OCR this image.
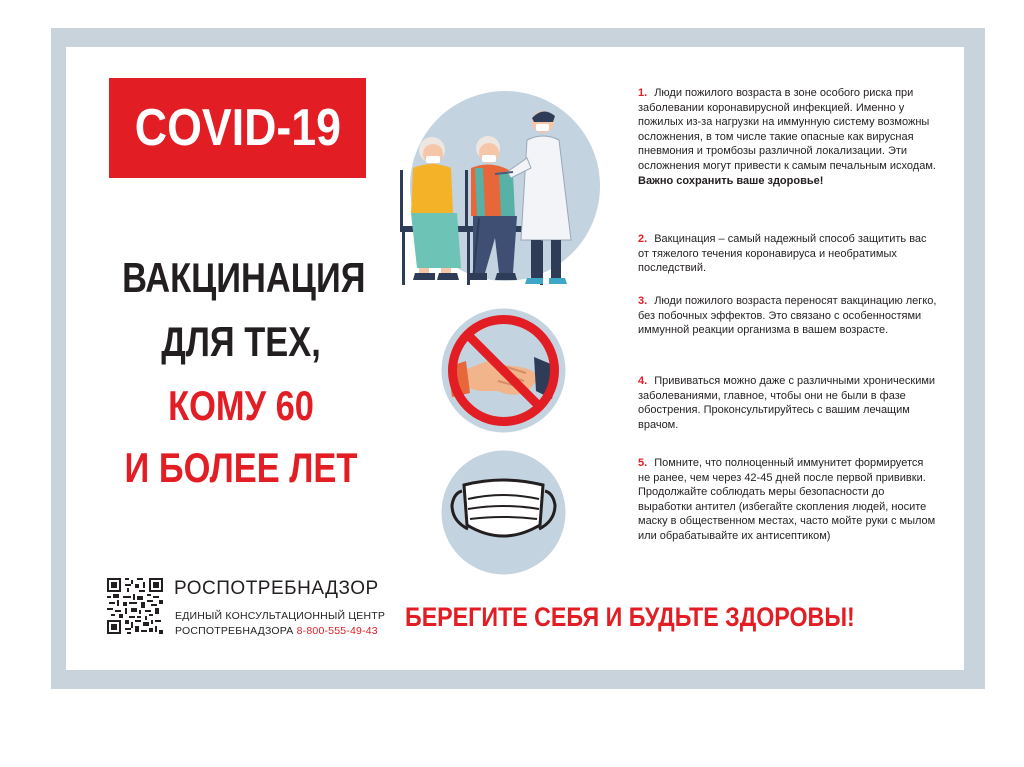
COVID-19
ВАКЦИНАЦИЯ
ДЛЯ ТЕХ,
КОМУ 60
И БОЛЕЕ ЛЕТ
РОСПОТРЕБНАДЗОР
ЕДИНЫЙ КОНСУЛЬТАЦИОННЫЙ ЦЕНТР
РОСПОТРЕБНАДЗОРА 8-800-555-49-43 БЕРЕГИТЕ СЕБЯ И БУДЬТЕ ЗДОРОВЫ!
1. Люди пожилого возраста в зоне особого риска при заболевании коронавирусной инфекцией. Именно у пожилых из-за нагрузки на иммунную систему возможны осложнения, в том числе такие опасные как вирусная пневмония и тромбозы различной локализации. Эти осложнения могут привести к самым печальным исходам. Важно сохранить ваше здоровье!
2. Вакцинация – самый надежный способ защитить вас от тяжелого течения коронавируса и необратимых последствий.
3. Люди пожилого возраста переносят вакцинацию легко, без побочных эффектов. Это связано с особенностями иммунной реакции организма в вашем возрасте.
4. Прививаться можно даже с различными хроническими заболеваниями, главное, чтобы они не были в фазе обострения. Проконсультируйтесь с вашим лечащим врачом.
5. Помните, что полноценный иммунитет формируется не ранее, чем через 42-45 дней после первой прививки. Продолжайте соблюдать меры безопасности до выработки антител (избегайте скопления людей, носите маску в общественном местах, часто мойте руки с мылом или обрабатывайте их антисептиком)
